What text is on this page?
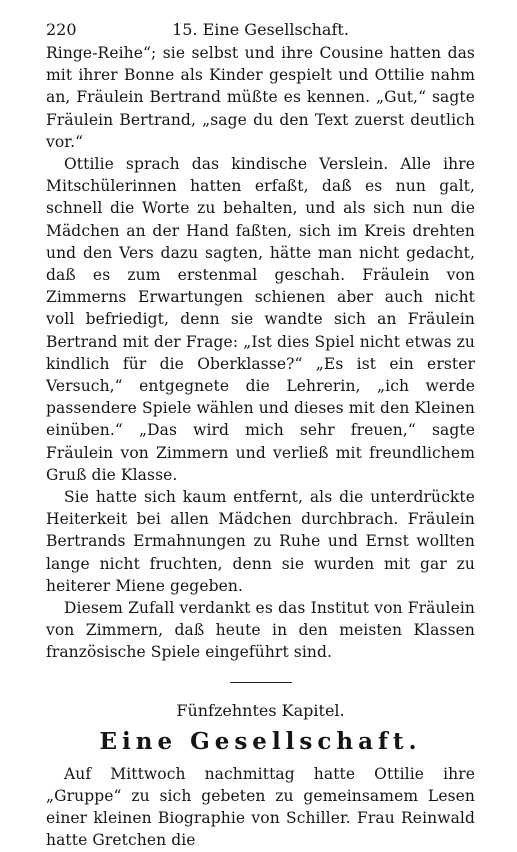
220	15. Eine Gesellschaft.

Ringe-Reihe“; sie selbst und ihre Cousine hatten das mit ihrer Bonne als Kinder gespielt und Ottilie nahm an, Fräulein Bertrand müßte es kennen. „Gut,“ sagte Fräulein Bertrand, „sage du den Text zuerst deutlich vor.“

Ottilie sprach das kindische Verslein. Alle ihre Mitschülerinnen hatten erfaßt, daß es nun galt, schnell die Worte zu behalten, und als sich nun die Mädchen an der Hand faßten, sich im Kreis drehten und den Vers dazu sagten, hätte man nicht gedacht, daß es zum erstenmal geschah. Fräulein von Zimmerns Erwartungen schienen aber auch nicht voll befriedigt, denn sie wandte sich an Fräulein Bertrand mit der Frage: „Ist dies Spiel nicht etwas zu kindlich für die Oberklasse?“ „Es ist ein erster Versuch,“ entgegnete die Lehrerin, „ich werde passendere Spiele wählen und dieses mit den Kleinen einüben.“ „Das wird mich sehr freuen,“ sagte Fräulein von Zimmern und verließ mit freundlichem Gruß die Klasse.

Sie hatte sich kaum entfernt, als die unterdrückte Heiterkeit bei allen Mädchen durchbrach. Fräulein Bertrands Ermahnungen zu Ruhe und Ernst wollten lange nicht fruchten, denn sie wurden mit gar zu heiterer Miene gegeben.

Diesem Zufall verdankt es das Institut von Fräulein von Zimmern, daß heute in den meisten Klassen französische Spiele eingeführt sind.

Fünfzehntes Kapitel.
Eine Gesellschaft.

Auf Mittwoch nachmittag hatte Ottilie ihre „Gruppe“ zu sich gebeten zu gemeinsamem Lesen einer kleinen Biographie von Schiller. Frau Reinwald hatte Gretchen die
